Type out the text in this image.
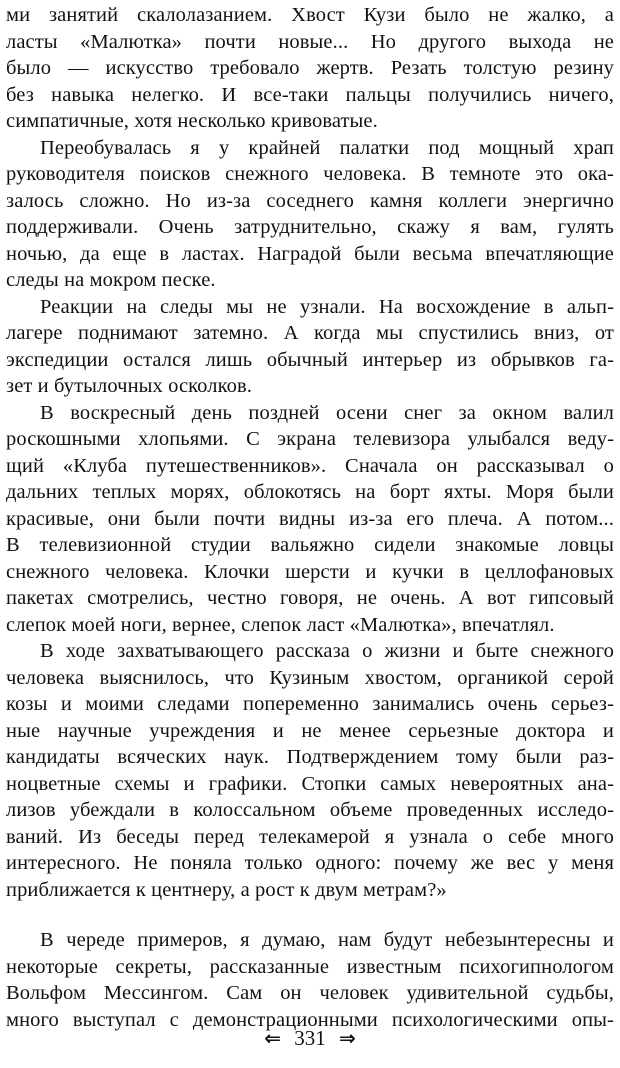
ми занятий скалолазанием. Хвост Кузи было не жалко, а
ласты «Малютка» почти новые... Но другого выхода не
было — искусство требовало жертв. Резать толстую резину
без навыка нелегко. И все-таки пальцы получились ничего,
симпатичные, хотя несколько кривоватые.
Переобувалась я у крайней палатки под мощный храп
руководителя поисков снежного человека. В темноте это ока-
залось сложно. Но из-за соседнего камня коллеги энергично
поддерживали. Очень затруднительно, скажу я вам, гулять
ночью, да еще в ластах. Наградой были весьма впечатляющие
следы на мокром песке.
Реакции на следы мы не узнали. На восхождение в альп-
лагере поднимают затемно. А когда мы спустились вниз, от
экспедиции остался лишь обычный интерьер из обрывков га-
зет и бутылочных осколков.
В воскресный день поздней осени снег за окном валил
роскошными хлопьями. С экрана телевизора улыбался веду-
щий «Клуба путешественников». Сначала он рассказывал о
дальних теплых морях, облокотясь на борт яхты. Моря были
красивые, они были почти видны из-за его плеча. А потом...
В телевизионной студии вальяжно сидели знакомые ловцы
снежного человека. Клочки шерсти и кучки в целлофановых
пакетах смотрелись, честно говоря, не очень. А вот гипсовый
слепок моей ноги, вернее, слепок ласт «Малютка», впечатлял.
В ходе захватывающего рассказа о жизни и быте снежного
человека выяснилось, что Кузиным хвостом, органикой серой
козы и моими следами попеременно занимались очень серьез-
ные научные учреждения и не менее серьезные доктора и
кандидаты всяческих наук. Подтверждением тому были раз-
ноцветные схемы и графики. Стопки самых невероятных ана-
лизов убеждали в колоссальном объеме проведенных исследо-
ваний. Из беседы перед телекамерой я узнала о себе много
интересного. Не поняла только одного: почему же вес у меня
приближается к центнеру, а рост к двум метрам?»
В череде примеров, я думаю, нам будут небезынтересны и
некоторые секреты, рассказанные известным психогипнологом
Вольфом Мессингом. Сам он человек удивительной судьбы,
много выступал с демонстрационными психологическими опы-
⇐ 331 ⇒
